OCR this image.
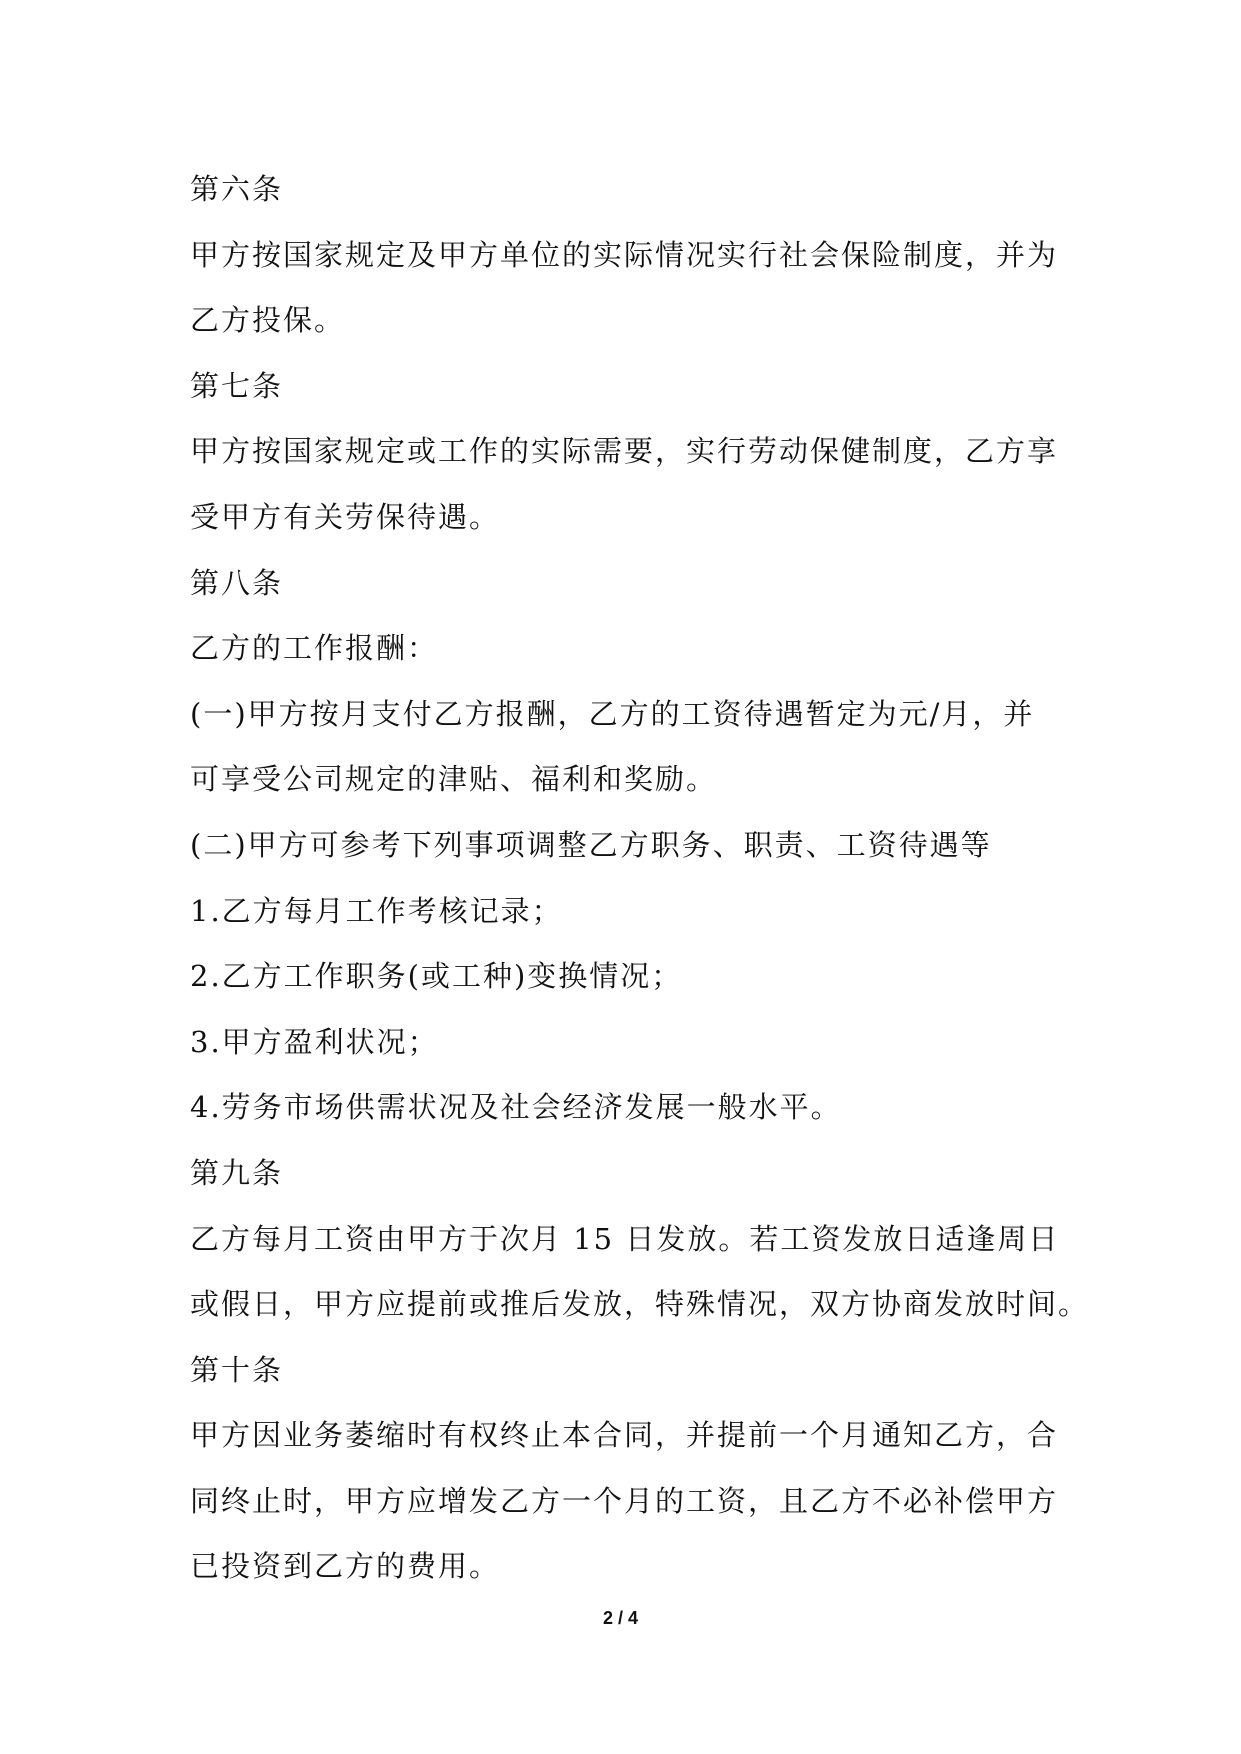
第六条
甲方按国家规定及甲方单位的实际情况实行社会保险制度，并为
乙方投保。
第七条
甲方按国家规定或工作的实际需要，实行劳动保健制度，乙方享
受甲方有关劳保待遇。
第八条
乙方的工作报酬：
(一)甲方按月支付乙方报酬，乙方的工资待遇暂定为元/月，并
可享受公司规定的津贴、福利和奖励。
(二)甲方可参考下列事项调整乙方职务、职责、工资待遇等
1.乙方每月工作考核记录；
2.乙方工作职务(或工种)变换情况；
3.甲方盈利状况；
4.劳务市场供需状况及社会经济发展一般水平。
第九条
乙方每月工资由甲方于次月 15 日发放。若工资发放日适逢周日
或假日，甲方应提前或推后发放，特殊情况，双方协商发放时间。
第十条
甲方因业务萎缩时有权终止本合同，并提前一个月通知乙方，合
同终止时，甲方应增发乙方一个月的工资，且乙方不必补偿甲方
已投资到乙方的费用。
2 / 4
